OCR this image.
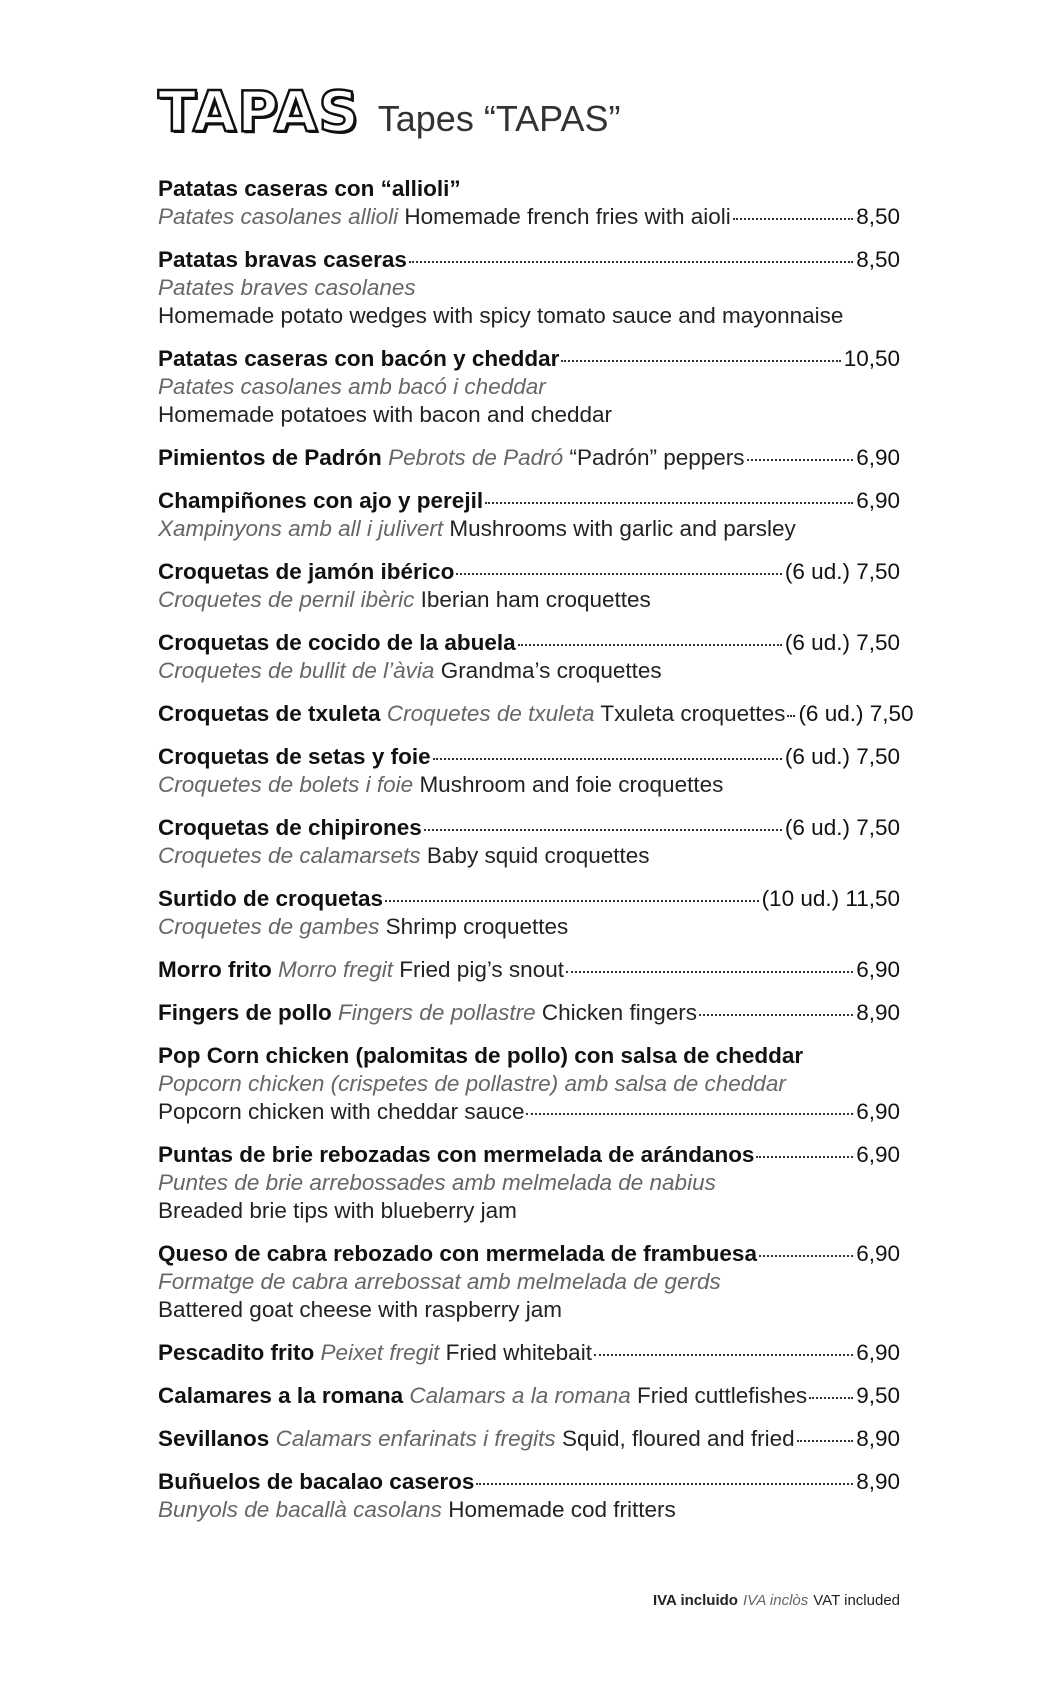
TAPAS Tapes “TAPAS”
Patatas caseras con “allioli”
Patates casolanes allioli Homemade french fries with aioli	8,50
Patatas bravas caseras	8,50
Patates braves casolanes
Homemade potato wedges with spicy tomato sauce and mayonnaise
Patatas caseras con bacón y cheddar	10,50
Patates casolanes amb bacó i cheddar
Homemade potatoes with bacon and cheddar
Pimientos de Padrón Pebrots de Padró “Padrón” peppers	6,90
Champiñones con ajo y perejil	6,90
Xampinyons amb all i julivert Mushrooms with garlic and parsley
Croquetas de jamón ibérico	(6 ud.) 7,50
Croquetes de pernil ibèric Iberian ham croquettes
Croquetas de cocido de la abuela	(6 ud.) 7,50
Croquetes de bullit de l’àvia Grandma’s croquettes
Croquetas de txuleta Croquetes de txuleta Txuleta croquettes (6 ud.) 7,50
Croquetas de setas y foie	(6 ud.) 7,50
Croquetes de bolets i foie Mushroom and foie croquettes
Croquetas de chipirones	(6 ud.) 7,50
Croquetes de calamarsets Baby squid croquettes
Surtido de croquetas	(10 ud.) 11,50
Croquetes de gambes Shrimp croquettes
Morro frito Morro fregit Fried pig’s snout	6,90
Fingers de pollo Fingers de pollastre Chicken fingers	8,90
Pop Corn chicken (palomitas de pollo) con salsa de cheddar
Popcorn chicken (crispetes de pollastre) amb salsa de cheddar
Popcorn chicken with cheddar sauce	6,90
Puntas de brie rebozadas con mermelada de arándanos	6,90
Puntes de brie arrebossades amb melmelada de nabius
Breaded brie tips with blueberry jam
Queso de cabra rebozado con mermelada de frambuesa	6,90
Formatge de cabra arrebossat amb melmelada de gerds
Battered goat cheese with raspberry jam
Pescadito frito Peixet fregit Fried whitebait	6,90
Calamares a la romana Calamars a la romana Fried cuttlefishes 9,50
Sevillanos Calamars enfarinats i fregits Squid, floured and fried	8,90
Buñuelos de bacalao caseros	8,90
Bunyols de bacallà casolans Homemade cod fritters
IVA incluido IVA inclòs VAT included
